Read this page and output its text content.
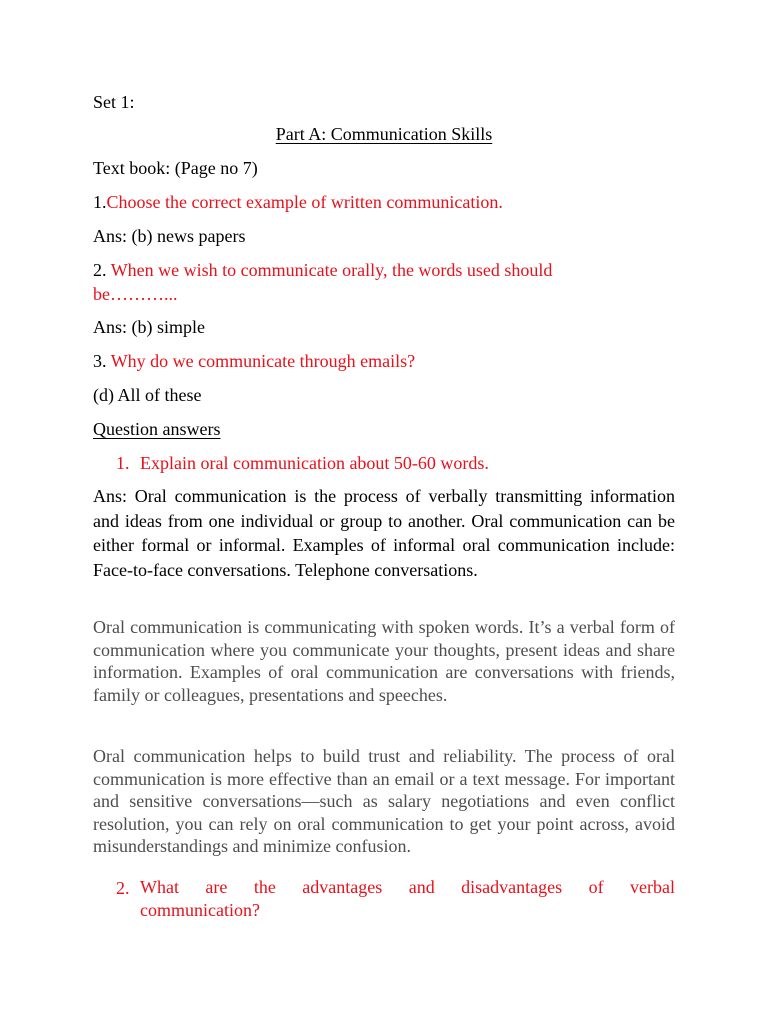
Set 1:
Part A: Communication Skills
Text book: (Page no 7)
1.Choose the correct example of written communication.
Ans: (b) news papers
2. When we wish to communicate orally, the words used should
be………...
Ans: (b) simple
3. Why do we communicate through emails?
(d) All of these
Question answers
1. Explain oral communication about 50-60 words.
Ans: Oral communication is the process of verbally transmitting information and ideas from one individual or group to another. Oral communication can be either formal or informal. Examples of informal oral communication include: Face-to-face conversations. Telephone conversations.
Oral communication is communicating with spoken words. It’s a verbal form of communication where you communicate your thoughts, present ideas and share information. Examples of oral communication are conversations with friends, family or colleagues, presentations and speeches.
Oral communication helps to build trust and reliability. The process of oral communication is more effective than an email or a text message. For important and sensitive conversations—such as salary negotiations and even conflict resolution, you can rely on oral communication to get your point across, avoid misunderstandings and minimize confusion.
2. What are the advantages and disadvantages of verbal
communication?
